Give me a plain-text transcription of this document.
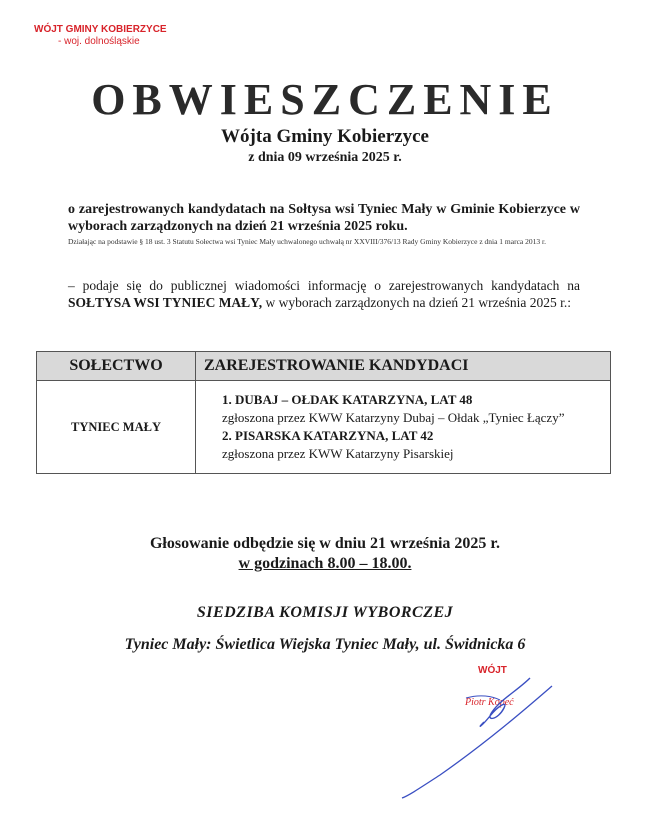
WÓJT GMINY KOBIERZYCE
- woj. dolnośląskie
OBWIESZCZENIE
Wójta Gminy Kobierzyce
z dnia 09 września 2025 r.
o zarejestrowanych kandydatach na Sołtysa wsi Tyniec Mały w Gminie Kobierzyce w wyborach zarządzonych na dzień 21 września 2025 roku.
Działając na podstawie § 18 ust. 3 Statutu Sołectwa wsi Tyniec Mały uchwalonego uchwałą nr XXVIII/376/13 Rady Gminy Kobierzyce z dnia 1 marca 2013 r.
– podaje się do publicznej wiadomości informację o zarejestrowanych kandydatach na SOŁTYSA WSI TYNIEC MAŁY, w wyborach zarządzonych na dzień 21 września 2025 r.:
SOŁECTWO	ZAREJESTROWANIE KANDYDACI
TYNIEC MAŁY	1. DUBAJ – OŁDAK KATARZYNA, LAT 48
zgłoszona przez KWW Katarzyny Dubaj – Ołdak „Tyniec Łączy”
2. PISARSKA KATARZYNA, LAT 42
zgłoszona przez KWW Katarzyny Pisarskiej
Głosowanie odbędzie się w dniu 21 września 2025 r.
w godzinach 8.00 – 18.00.
SIEDZIBA KOMISJI WYBORCZEJ
Tyniec Mały: Świetlica Wiejska Tyniec Mały, ul. Świdnicka 6
WÓJT
Piotr Kopeć
